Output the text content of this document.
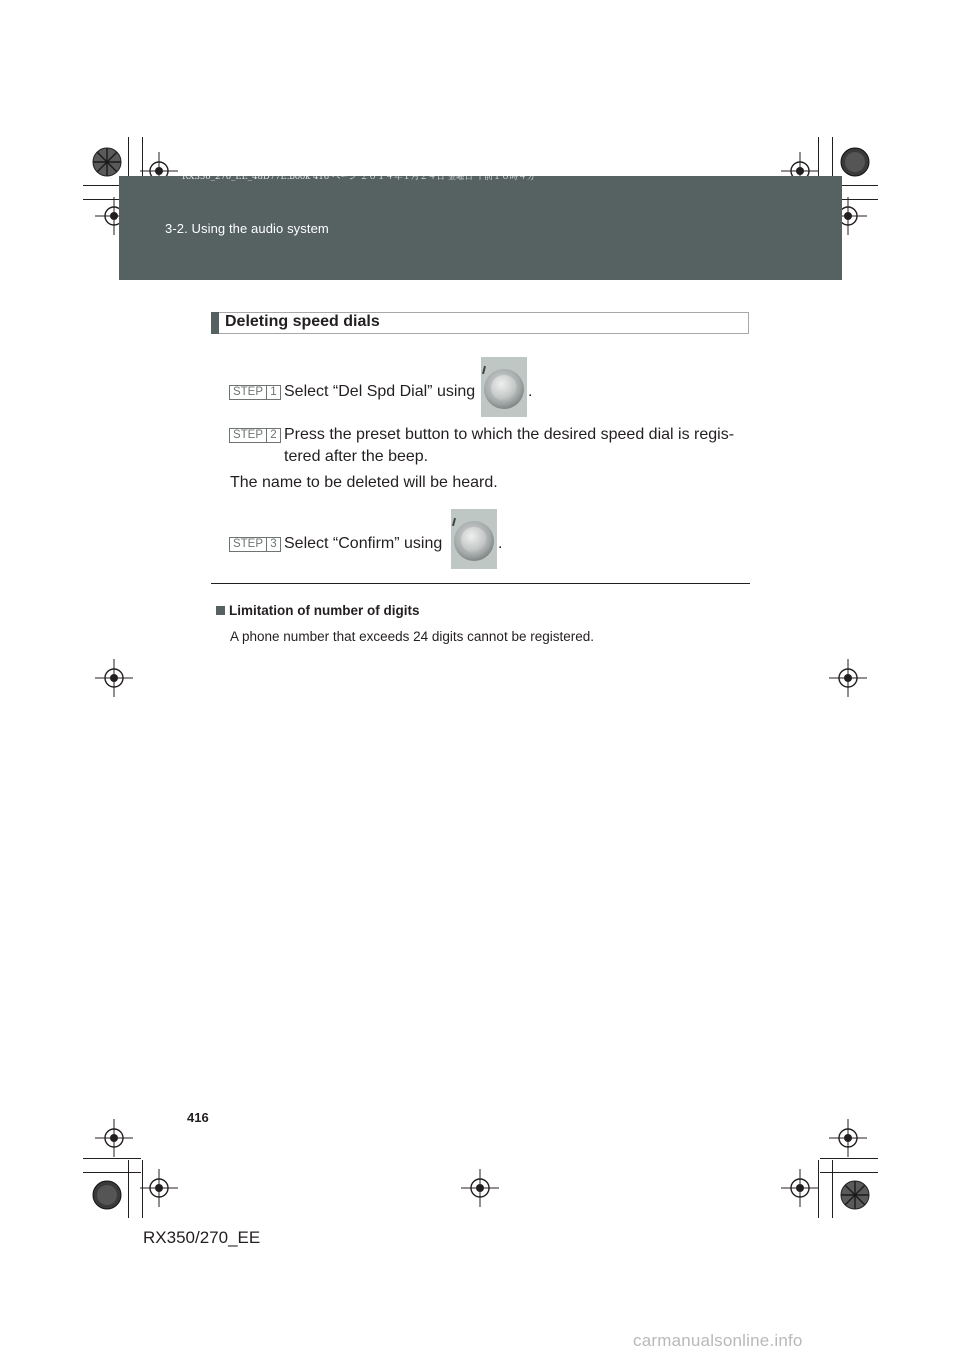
RX350_270_EE_48D77E.book 416 ページ ２０１４年１月２４日 金曜日 午前１０時４分
3-2. Using the audio system
Deleting speed dials
STEP 1 Select “Del Spd Dial” using	.
STEP 2 Press the preset button to which the desired speed dial is regis-
tered after the beep.
The name to be deleted will be heard.
STEP 3 Select “Confirm” using	.
Limitation of number of digits
A phone number that exceeds 24 digits cannot be registered.
416
RX350/270_EE
carmanualsonline.info
